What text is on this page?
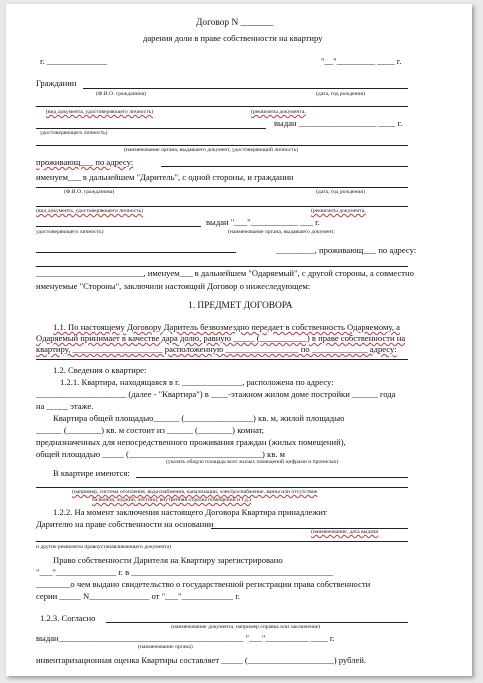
Договор N _______
дарения доли в праве собственности на квартиру
г. ______________	"__"_________ ____ г.
Гражданин
(Ф.И.О. гражданина)	(дата, год рождения)
(вид документа, удостоверяющего личность)	(реквизиты документа,
выдан __________________ ____ г.
удостоверяющего личность)
(наименование органа, выдавшего документ, удостоверяющий личность)
проживающ___ по адресу:
именуем___ в дальнейшем "Даритель", с одной стороны, и гражданин
(Ф.И.О. гражданина)	(дата, год рождения)
(вид документа, удостоверяющего личность)	(реквизиты документа,
выдан "___"___________ ___ г.
удостоверяющего личность)	(наименование органа, выдавшего документ,
_________, проживающ___ по адресу:
_________________________, именуем___ в дальнейшем "Одаряемый", с другой стороны, а совместно
именуемые "Стороны", заключили настоящий Договор о нижеследующем:
1. ПРЕДМЕТ ДОГОВОРА
1.1. По настоящему Договору Даритель безвозмездно передает в собственность Одаряемому, а
Одаряемый принимает в качестве дара долю, равную _____ (___________) в праве собственности на
квартиру, _____________________ расположенную _________________ по _____________ адресу:
1.2. Сведения о квартире:
1.2.1. Квартира, находящаяся в г. ______________, расположена по адресу:
_____________________ (далее - "Квартира") в ____-этажном жилом доме постройки ______ года
на _____ этаже.
Квартира общей площадью______ (________________) кв. м, жилой площадью
______ (________) кв. м состоит из ______ (________) комнат,
предназначенных для непосредственного проживания граждан (жилых помещений),
общей площадью _____ (_______________________________) кв. м
(указать общую площадь всех жилых помещений цифрами и прописью)
В квартире имеются:
(например, система отопления, водоснабжения, канализации, электроснабжение, ванна или отсутствие
балконов, лоджий, лестниц, внутренняя отделка помещений и т.д.)
1.2.2. На момент заключения настоящего Договора Квартира принадлежит
Дарителю на праве собственности на основании
(наименование, дата выдачи
и другие реквизиты правоустанавливающего документа)
Право собственности Дарителя на Квартиру зарегистрировано
"___"______________ г. в _______________________________________________
________о чем выдано свидетельство о государственной регистрации права собственности
серии _____ N______________ от "___"____________ г.
1.2.3. Согласно
(наименование документа, например справка или заключение)
выдан___________________________________________ "___"__________ ____ г.
(наименование органа)
инвентаризационная оценка Квартиры составляет _____ (____________________) рублей.
